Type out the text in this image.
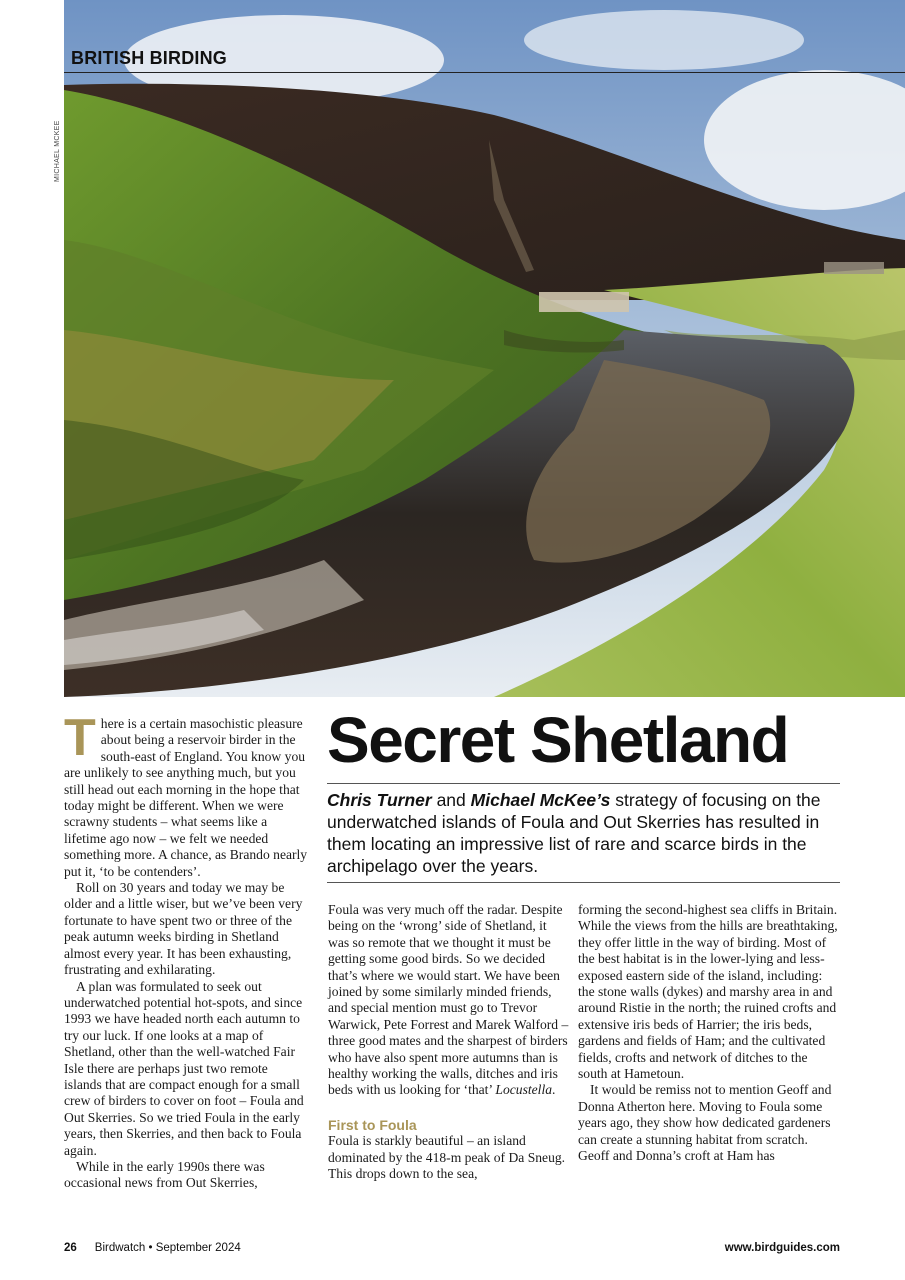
BRITISH BIRDING
MICHAEL MCKEE
Secret Shetland
Chris Turner and Michael McKee’s strategy of focusing on the underwatched islands of Foula and Out Skerries has resulted in them locating an impressive list of rare and scarce birds in the archipelago over the years.

There is a certain masochistic pleasure about being a reservoir birder in the south-east of England. You know you are unlikely to see anything much, but you still head out each morning in the hope that today might be different. When we were scrawny students – what seems like a lifetime ago now – we felt we needed something more. A chance, as Brando nearly put it, ‘to be contenders’.

Roll on 30 years and today we may be older and a little wiser, but we’ve been very fortunate to have spent two or three of the peak autumn weeks birding in Shetland almost every year. It has been exhausting, frustrating and exhilarating.

A plan was formulated to seek out underwatched potential hot-spots, and since 1993 we have headed north each autumn to try our luck. If one looks at a map of Shetland, other than the well-watched Fair Isle there are perhaps just two remote islands that are compact enough for a small crew of birders to cover on foot – Foula and Out Skerries. So we tried Foula in the early years, then Skerries, and then back to Foula again.

While in the early 1990s there was occasional news from Out Skerries,

Foula was very much off the radar. Despite being on the ‘wrong’ side of Shetland, it was so remote that we thought it must be getting some good birds. So we decided that’s where we would start. We have been joined by some similarly minded friends, and special mention must go to Trevor Warwick, Pete Forrest and Marek Walford – three good mates and the sharpest of birders who have also spent more autumns than is healthy working the walls, ditches and iris beds with us looking for ‘that’ Locustella.

First to Foula

Foula is starkly beautiful – an island dominated by the 418-m peak of Da Sneug. This drops down to the sea,

forming the second-highest sea cliffs in Britain. While the views from the hills are breathtaking, they offer little in the way of birding. Most of the best habitat is in the lower-lying and less-exposed eastern side of the island, including: the stone walls (dykes) and marshy area in and around Ristie in the north; the ruined crofts and extensive iris beds of Harrier; the iris beds, gardens and fields of Ham; and the cultivated fields, crofts and network of ditches to the south at Hametoun.

It would be remiss not to mention Geoff and Donna Atherton here. Moving to Foula some years ago, they show how dedicated gardeners can create a stunning habitat from scratch. Geoff and Donna’s croft at Ham has

26 Birdwatch • September 2024	www.birdguides.com
